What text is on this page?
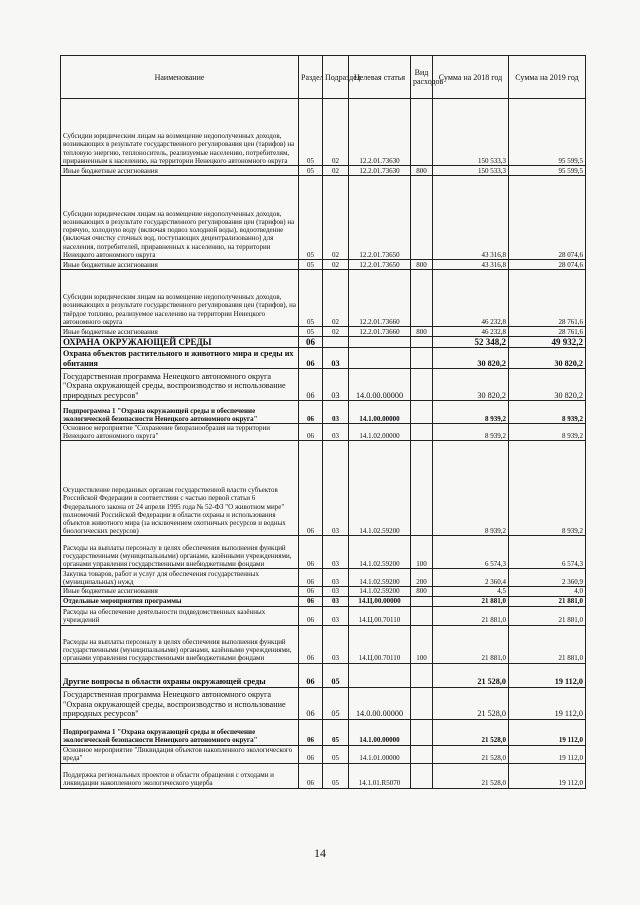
Наименование	Раздел	Подраздел	Целевая статья	Вид расходов	Сумма на 2018 год	Сумма на 2019 год
Субсидии юридическим лицам на возмещение недополученных доходов, возникающих в результате государственного регулирования цен (тарифов) на тепловую энергию, теплоноситель, реализуемые населению, потребителям, приравненным к населению, на территории Ненецкого автономного округа	05	02	12.2.01.73630		150 533,3	95 599,5
Иные бюджетные ассигнования	05	02	12.2.01.73630	800	150 533,3	95 599,5
Субсидии юридическим лицам на возмещение недополученных доходов, возникающих в результате государственного регулирования цен (тарифов) на горячую, холодную воду (включая подвоз холодной воды), водоотведение (включая очистку сточных вод, поступающих децентрализованно) для населения, потребителей, приравненных к населению, на территории Ненецкого автономного округа	05	02	12.2.01.73650		43 316,8	28 074,6
Иные бюджетные ассигнования	05	02	12.2.01.73650	800	43 316,8	28 074,6
Субсидии юридическим лицам на возмещение недополученных доходов, возникающих в результате государственного регулирования цен (тарифов), на твёрдое топливо, реализуемое населению на территории Ненецкого автономного округа	05	02	12.2.01.73660		46 232,8	28 761,6
Иные бюджетные ассигнования	05	02	12.2.01.73660	800	46 232,8	28 761,6
ОХРАНА ОКРУЖАЮЩЕЙ СРЕДЫ	06				52 348,2	49 932,2
Охрана объектов растительного и животного мира и среды их обитания	06	03			30 820,2	30 820,2
Государственная программа Ненецкого автономного округа "Охрана окружающей среды, воспроизводство и использование природных ресурсов"	06	03	14.0.00.00000		30 820,2	30 820,2
Подпрограмма 1 "Охрана окружающей среды и обеспечение экологической безопасности Ненецкого автономного округа"	06	03	14.1.00.00000		8 939,2	8 939,2
Основное мероприятие "Сохранение биоразнообразия на территории Ненецкого автономного округа"	06	03	14.1.02.00000		8 939,2	8 939,2
Осуществление переданных органам государственной власти субъектов Российской Федерации в соответствии с частью первой статьи 6 Федерального закона от 24 апреля 1995 года № 52-ФЗ "О животном мире" полномочий Российской Федерации в области охраны и использования объектов животного мира (за исключением охотничьих ресурсов и водных биологических ресурсов)	06	03	14.1.02.59200		8 939,2	8 939,2
Расходы на выплаты персоналу в целях обеспечения выполнения функций государственными (муниципальными) органами, казёнными учреждениями, органами управления государственными внебюджетными фондами	06	03	14.1.02.59200	100	6 574,3	6 574,3
Закупка товаров, работ и услуг для обеспечения государственных (муниципальных) нужд	06	03	14.1.02.59200	200	2 360,4	2 360,9
Иные бюджетные ассигнования	06	03	14.1.02.59200	800	4,5	4,0
Отдельные мероприятия программы	06	03	14.Ц.00.00000		21 881,0	21 881,0
Расходы на обеспечение деятельности подведомственных казённых учреждений	06	03	14.Ц.00.70110		21 881,0	21 881,0
Расходы на выплаты персоналу в целях обеспечения выполнения функций государственными (муниципальными) органами, казёнными учреждениями, органами управления государственными внебюджетными фондами	06	03	14.Ц.00.70110	100	21 881,0	21 881,0
Другие вопросы в области охраны окружающей среды	06	05			21 528,0	19 112,0
Государственная программа Ненецкого автономного округа "Охрана окружающей среды, воспроизводство и использование природных ресурсов"	06	05	14.0.00.00000		21 528,0	19 112,0
Подпрограмма 1 "Охрана окружающей среды и обеспечение экологической безопасности Ненецкого автономного округа"	06	05	14.1.00.00000		21 528,0	19 112,0
Основное мероприятие "Ликвидация объектов накопленного экологического вреда"	06	05	14.1.01.00000		21 528,0	19 112,0
Поддержка региональных проектов в области обращения с отходами и ликвидации накопленного экологического ущерба	06	05	14.1.01.R5070		21 528,0	19 112,0
14
